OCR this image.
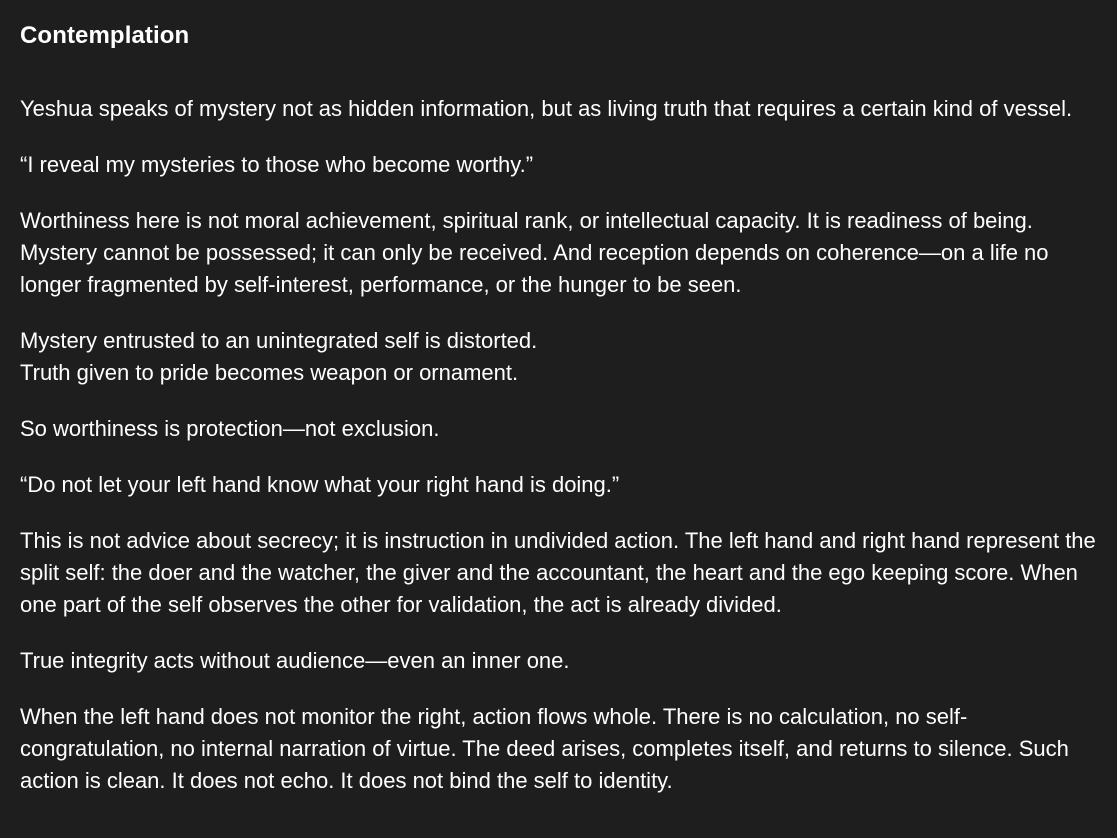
Contemplation

Yeshua speaks of mystery not as hidden information, but as living truth that requires a certain kind of vessel.

“I reveal my mysteries to those who become worthy.”

Worthiness here is not moral achievement, spiritual rank, or intellectual capacity. It is readiness of being. Mystery cannot be possessed; it can only be received. And reception depends on coherence—on a life no longer fragmented by self-interest, performance, or the hunger to be seen.

Mystery entrusted to an unintegrated self is distorted.
Truth given to pride becomes weapon or ornament.

So worthiness is protection—not exclusion.

“Do not let your left hand know what your right hand is doing.”

This is not advice about secrecy; it is instruction in undivided action. The left hand and right hand represent the split self: the doer and the watcher, the giver and the accountant, the heart and the ego keeping score. When one part of the self observes the other for validation, the act is already divided.

True integrity acts without audience—even an inner one.

When the left hand does not monitor the right, action flows whole. There is no calculation, no self-congratulation, no internal narration of virtue. The deed arises, completes itself, and returns to silence. Such action is clean. It does not echo. It does not bind the self to identity.
